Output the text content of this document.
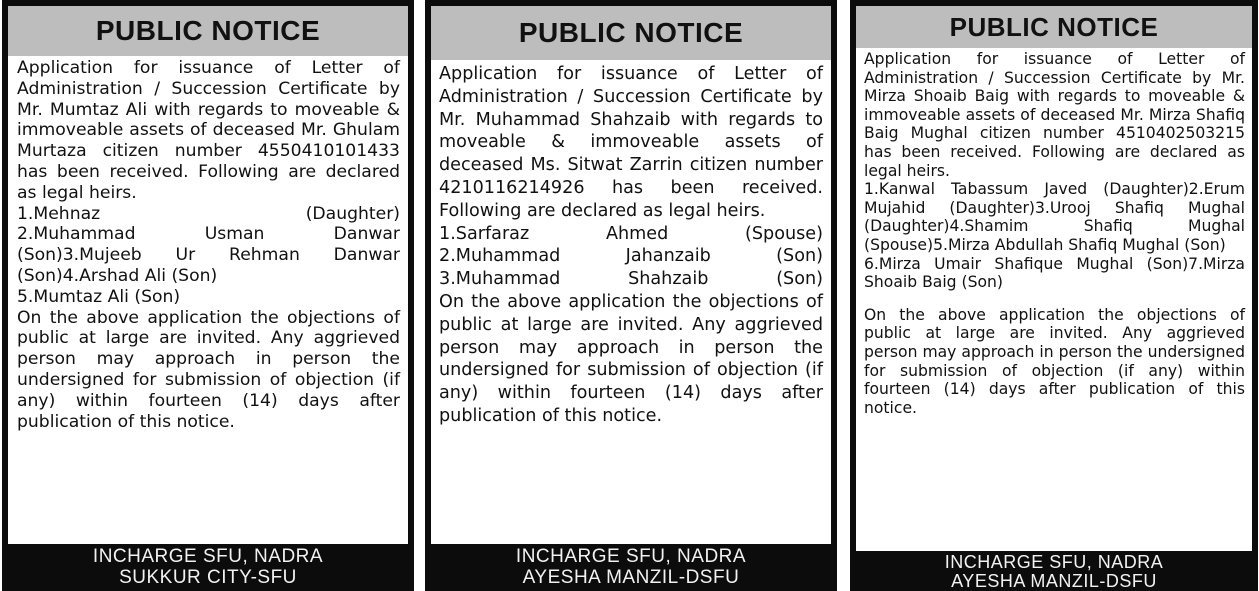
PUBLIC NOTICE

Application for issuance of Letter of Administration / Succession Certificate by Mr. Mumtaz Ali with regards to moveable & immoveable assets of deceased Mr. Ghulam Murtaza citizen number 4550410101433 has been received. Following are declared as legal heirs.

1.Mehnaz (Daughter)

2.Muhammad Usman Danwar (Son)3.Mujeeb Ur Rehman Danwar (Son)4.Arshad Ali (Son)

5.Mumtaz Ali (Son)

On the above application the objections of public at large are invited. Any aggrieved person may approach in person the undersigned for submission of objection (if any) within fourteen (14) days after publication of this notice.

INCHARGE SFU, NADRA
SUKKUR CITY-SFU
PUBLIC NOTICE

Application for issuance of Letter of Administration / Succession Certificate by Mr. Muhammad Shahzaib with regards to moveable & immoveable assets of deceased Ms. Sitwat Zarrin citizen number 4210116214926 has been received. Following are declared as legal heirs.

1.Sarfaraz Ahmed (Spouse)

2.Muhammad Jahanzaib (Son)

3.Muhammad Shahzaib (Son)

On the above application the objections of public at large are invited. Any aggrieved person may approach in person the undersigned for submission of objection (if any) within fourteen (14) days after publication of this notice.

INCHARGE SFU, NADRA
AYESHA MANZIL-DSFU
PUBLIC NOTICE

Application for issuance of Letter of Administration / Succession Certificate by Mr. Mirza Shoaib Baig with regards to moveable & immoveable assets of deceased Mr. Mirza Shafiq Baig Mughal citizen number 4510402503215 has been received. Following are declared as legal heirs.

1.Kanwal Tabassum Javed (Daughter)2.Erum Mujahid (Daughter)3.Urooj Shafiq Mughal (Daughter)4.Shamim Shafiq Mughal (Spouse)5.Mirza Abdullah Shafiq Mughal (Son)

6.Mirza Umair Shafique Mughal (Son)7.Mirza Shoaib Baig (Son)

On the above application the objections of public at large are invited. Any aggrieved person may approach in person the undersigned for submission of objection (if any) within fourteen (14) days after publication of this notice.

INCHARGE SFU, NADRA
AYESHA MANZIL-DSFU
